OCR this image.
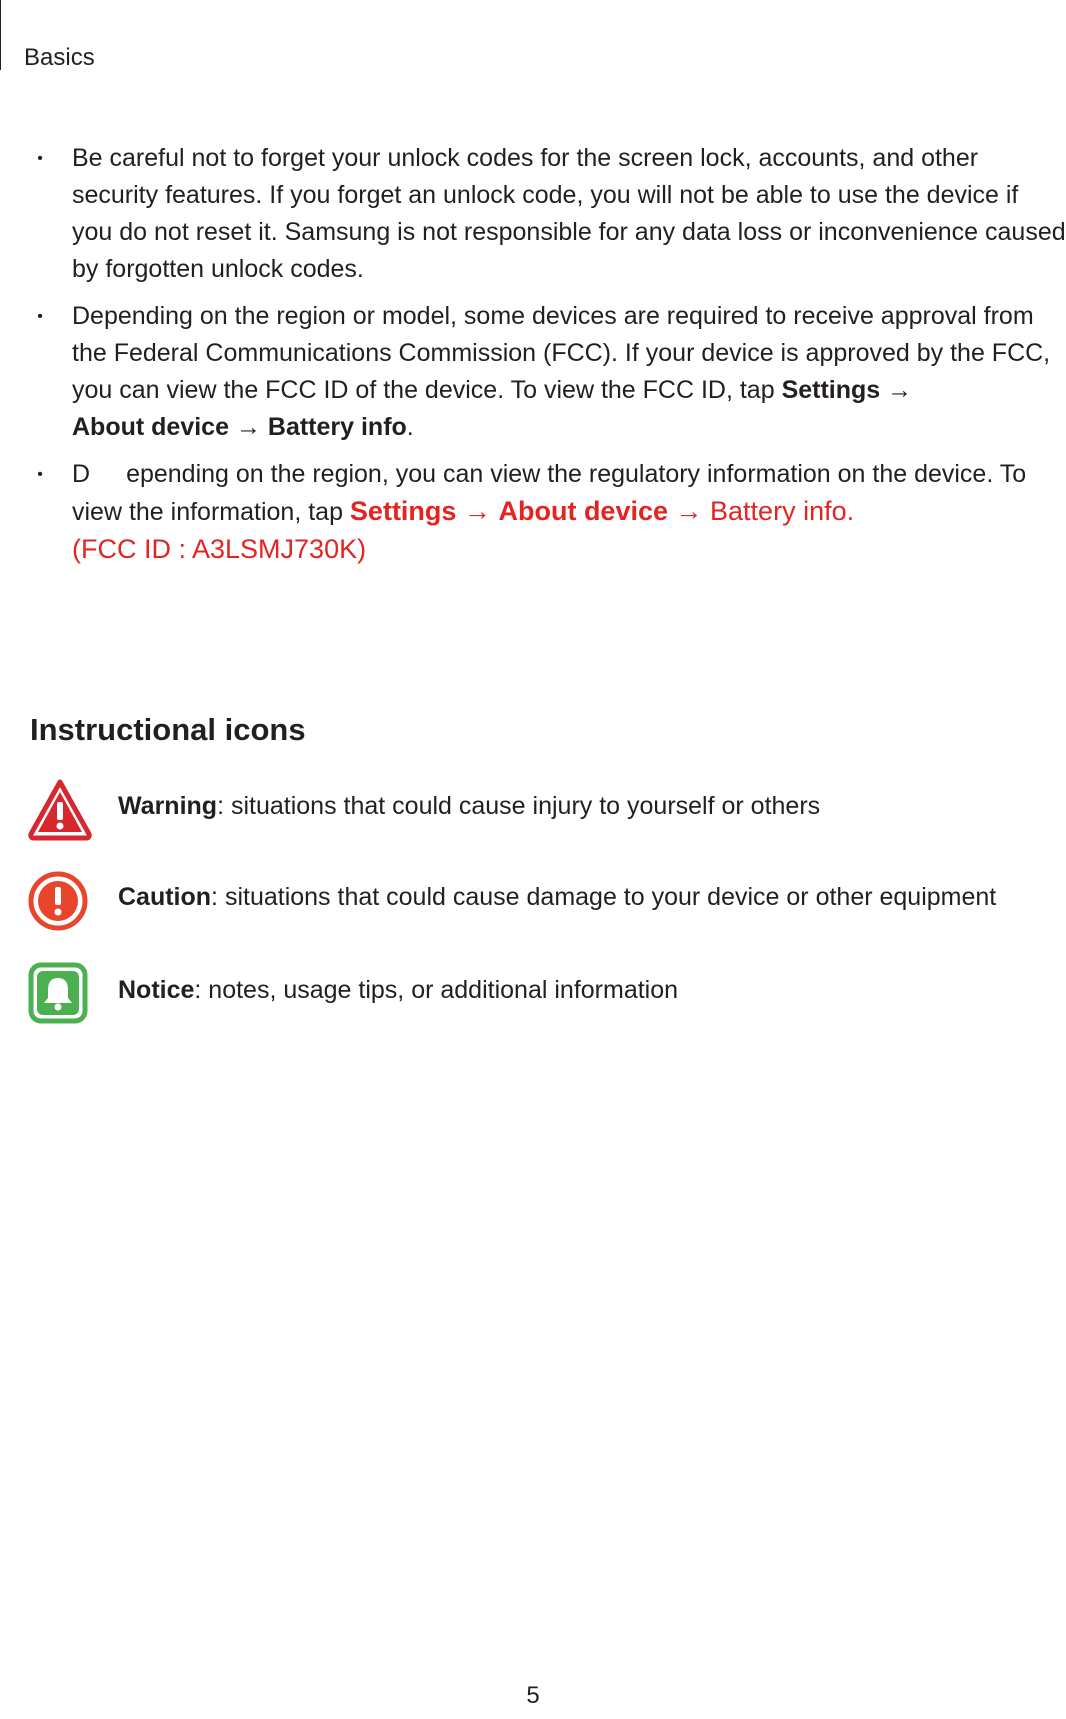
Basics
• Be careful not to forget your unlock codes for the screen lock, accounts, and other
security features. If you forget an unlock code, you will not be able to use the device if
you do not reset it. Samsung is not responsible for any data loss or inconvenience caused
by forgotten unlock codes.
• Depending on the region or model, some devices are required to receive approval from
the Federal Communications Commission (FCC). If your device is approved by the FCC,
you can view the FCC ID of the device. To view the FCC ID, tap Settings →
About device → Battery info.
• D epending on the region, you can view the regulatory information on the device. To
view the information, tap Settings → About device → Battery info.
(FCC ID : A3LSMJ730K)
Instructional icons
Warning: situations that could cause injury to yourself or others
Caution: situations that could cause damage to your device or other equipment
Notice: notes, usage tips, or additional information
5
